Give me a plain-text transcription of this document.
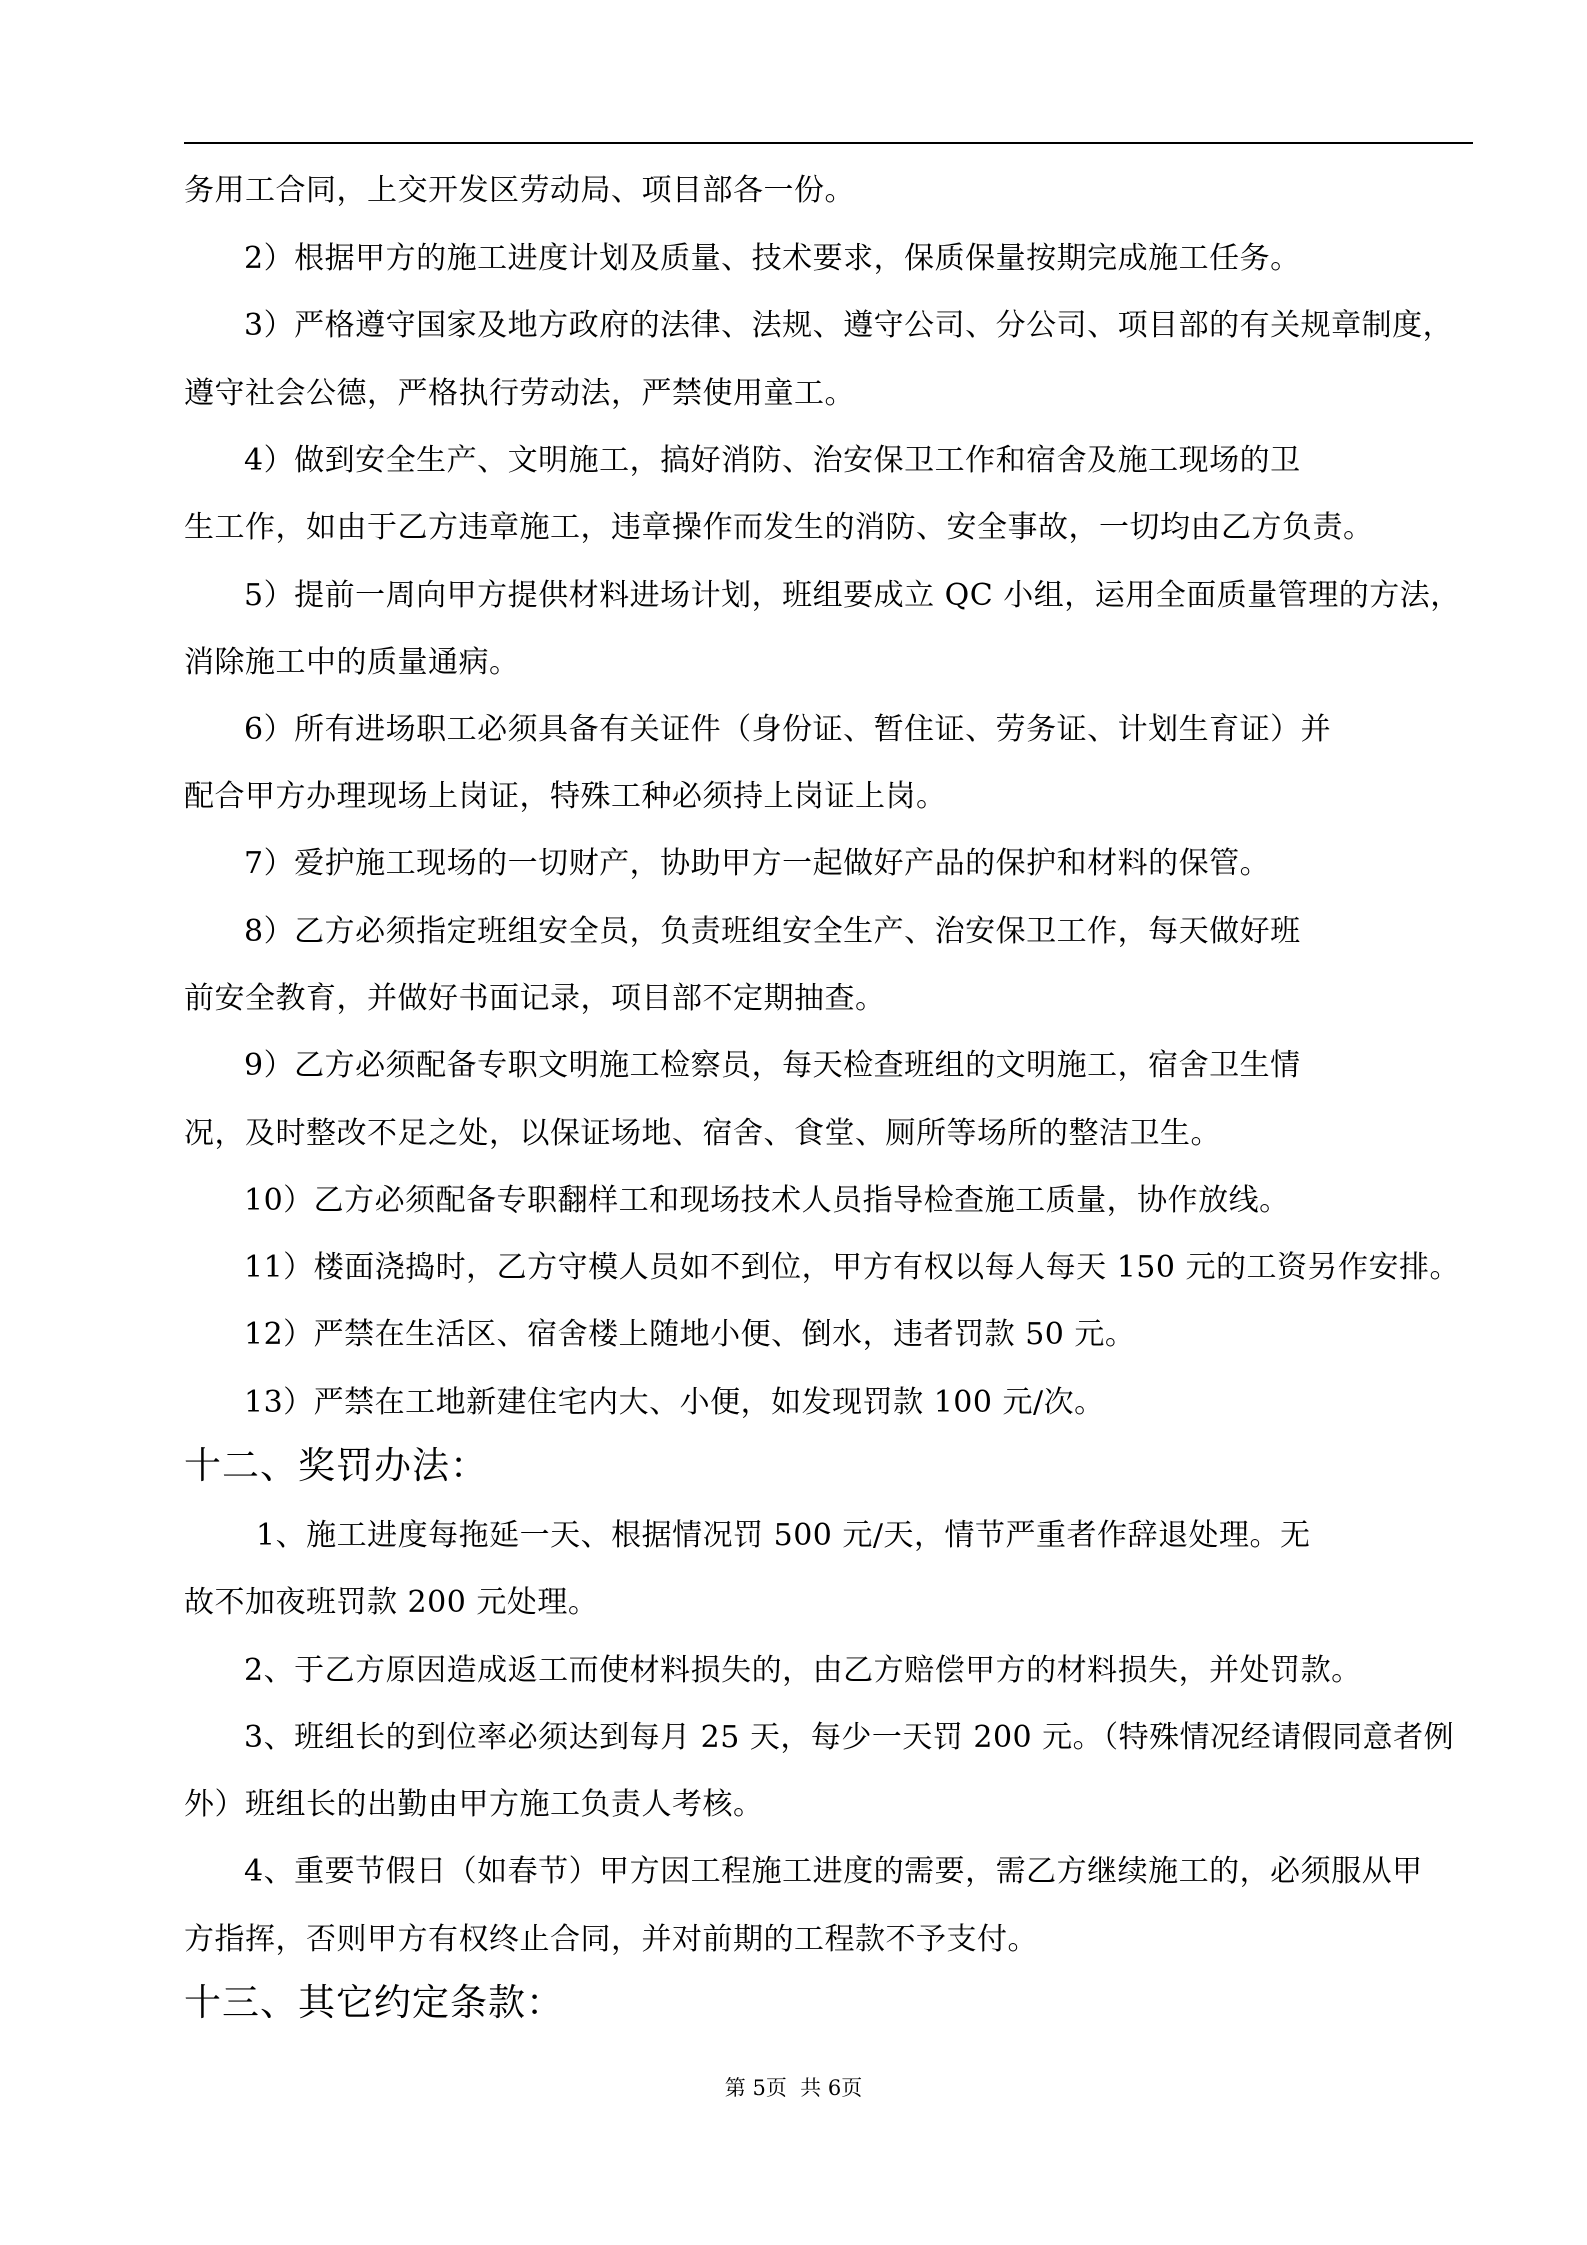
务用工合同，上交开发区劳动局、项目部各一份。
2）根据甲方的施工进度计划及质量、技术要求，保质保量按期完成施工任务。
3）严格遵守国家及地方政府的法律、法规、遵守公司、分公司、项目部的有关规章制度，
遵守社会公德，严格执行劳动法，严禁使用童工。
4）做到安全生产、文明施工，搞好消防、治安保卫工作和宿舍及施工现场的卫
生工作，如由于乙方违章施工，违章操作而发生的消防、安全事故，一切均由乙方负责。
5）提前一周向甲方提供材料进场计划，班组要成立 QC 小组，运用全面质量管理的方法，
消除施工中的质量通病。
6）所有进场职工必须具备有关证件（身份证、暂住证、劳务证、计划生育证）并
配合甲方办理现场上岗证，特殊工种必须持上岗证上岗。
7）爱护施工现场的一切财产，协助甲方一起做好产品的保护和材料的保管。
8）乙方必须指定班组安全员，负责班组安全生产、治安保卫工作，每天做好班
前安全教育，并做好书面记录，项目部不定期抽查。
9）乙方必须配备专职文明施工检察员，每天检查班组的文明施工，宿舍卫生情
况，及时整改不足之处，以保证场地、宿舍、食堂、厕所等场所的整洁卫生。
10）乙方必须配备专职翻样工和现场技术人员指导检查施工质量，协作放线。
11）楼面浇捣时，乙方守模人员如不到位，甲方有权以每人每天 150 元的工资另作安排。
12）严禁在生活区、宿舍楼上随地小便、倒水，违者罚款 50 元。
13）严禁在工地新建住宅内大、小便，如发现罚款 100 元/次。
十二、奖罚办法：
1、施工进度每拖延一天、根据情况罚 500 元/天，情节严重者作辞退处理。无
故不加夜班罚款 200 元处理。
2、于乙方原因造成返工而使材料损失的，由乙方赔偿甲方的材料损失，并处罚款。
3、班组长的到位率必须达到每月 25 天，每少一天罚 200 元。（特殊情况经请假同意者例
外）班组长的出勤由甲方施工负责人考核。
4、重要节假日（如春节）甲方因工程施工进度的需要，需乙方继续施工的，必须服从甲
方指挥，否则甲方有权终止合同，并对前期的工程款不予支付。
十三、其它约定条款：
第 5页  共 6页
